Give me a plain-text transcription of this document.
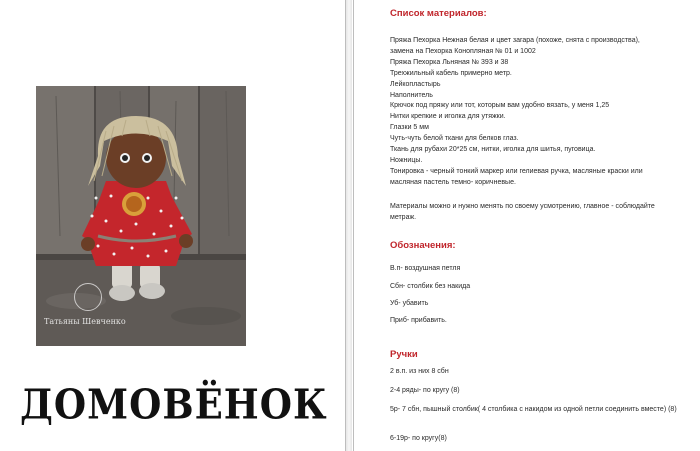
Татьяны Шевченко
ДОМОВЁНОК
Список материалов:
Пряжа Пехорка Нежная белая и цвет загара (похоже, снята с производства),
замена на Пехорка Конопляная № 01 и 1002
Пряжа Пехорка Льняная № 393 и 38
Трехжильный кабель примерно метр.
Лейкопластырь
Наполнитель
Крючок под пряжу или тот, которым вам удобно вязать, у меня 1,25
Нитки крепкие и иголка для утяжки.
Глазки 5 мм
Чуть-чуть белой ткани для белков глаз.
Ткань для рубахи 20*25 см, нитки, иголка для шитья, пуговица.
Ножницы.
Тонировка - черный тонкий маркер или гелиевая ручка, масляные краски или
масляная пастель темно- коричневые.
Материалы можно и нужно менять по своему усмотрению, главное - соблюдайте метраж.
Обозначения:
В.п- воздушная петля
Сбн- столбик без накида
Уб- убавить
Приб- прибавить.
Ручки
2 в.п. из них 8 сбн
2-4 ряды- по кругу (8)
5р- 7 сбн, пышный столбик( 4 столбика с накидом из одной петли соединить вместе) (8)
6-19р- по кругу(8)
